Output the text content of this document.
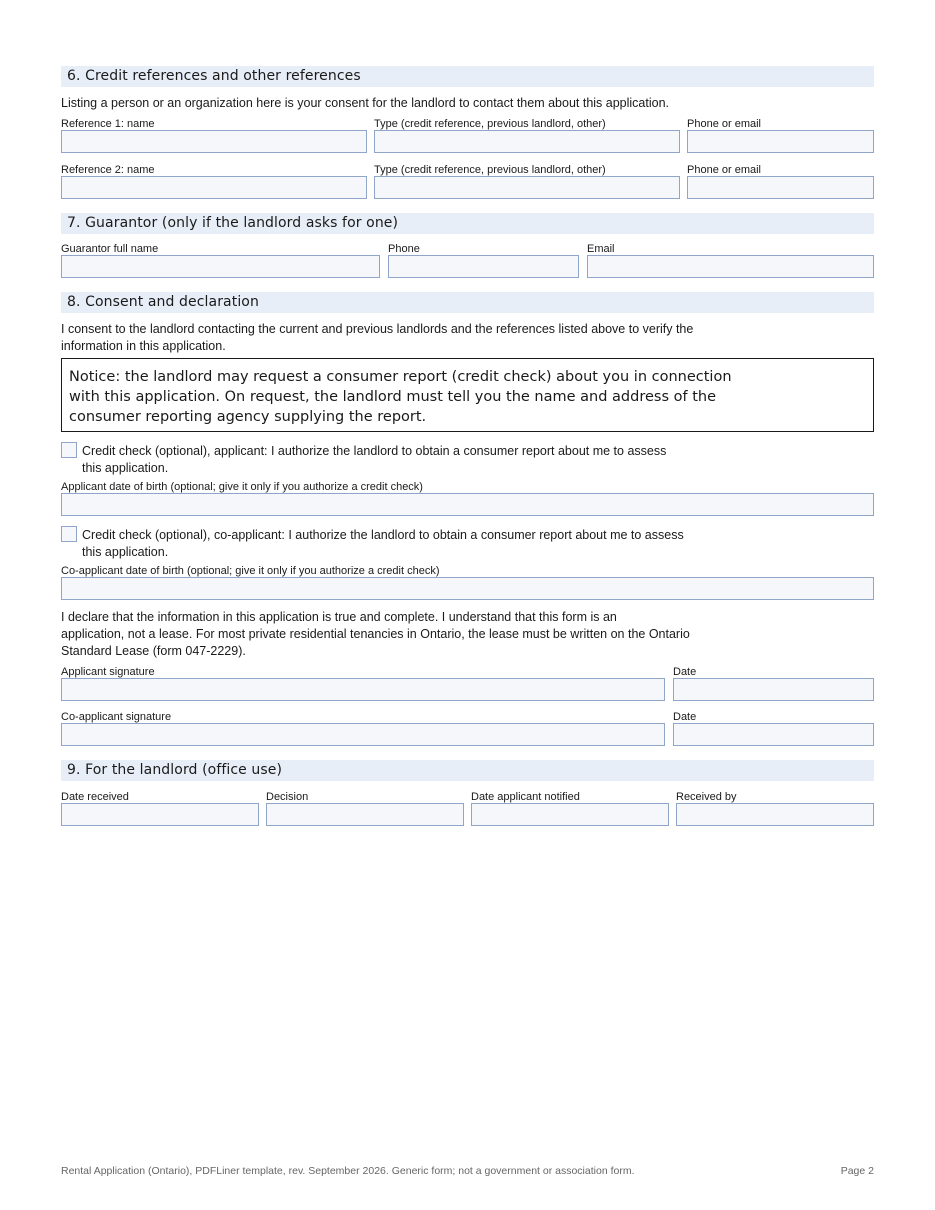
6. Credit references and other references
Listing a person or an organization here is your consent for the landlord to contact them about this application.
Reference 1: name	Type (credit reference, previous landlord, other)	Phone or email
Reference 2: name	Type (credit reference, previous landlord, other)	Phone or email
7. Guarantor (only if the landlord asks for one)
Guarantor full name	Phone	Email
8. Consent and declaration
I consent to the landlord contacting the current and previous landlords and the references listed above to verify the
information in this application.
Notice: the landlord may request a consumer report (credit check) about you in connection
with this application. On request, the landlord must tell you the name and address of the
consumer reporting agency supplying the report.
Credit check (optional), applicant: I authorize the landlord to obtain a consumer report about me to assess
this application.
Applicant date of birth (optional; give it only if you authorize a credit check)
Credit check (optional), co-applicant: I authorize the landlord to obtain a consumer report about me to assess
this application.
Co-applicant date of birth (optional; give it only if you authorize a credit check)
I declare that the information in this application is true and complete. I understand that this form is an
application, not a lease. For most private residential tenancies in Ontario, the lease must be written on the Ontario
Standard Lease (form 047-2229).
Applicant signature	Date
Co-applicant signature	Date
9. For the landlord (office use)
Date received	Decision	Date applicant notified	Received by
Rental Application (Ontario), PDFLiner template, rev. September 2026. Generic form; not a government or association form.	Page 2
